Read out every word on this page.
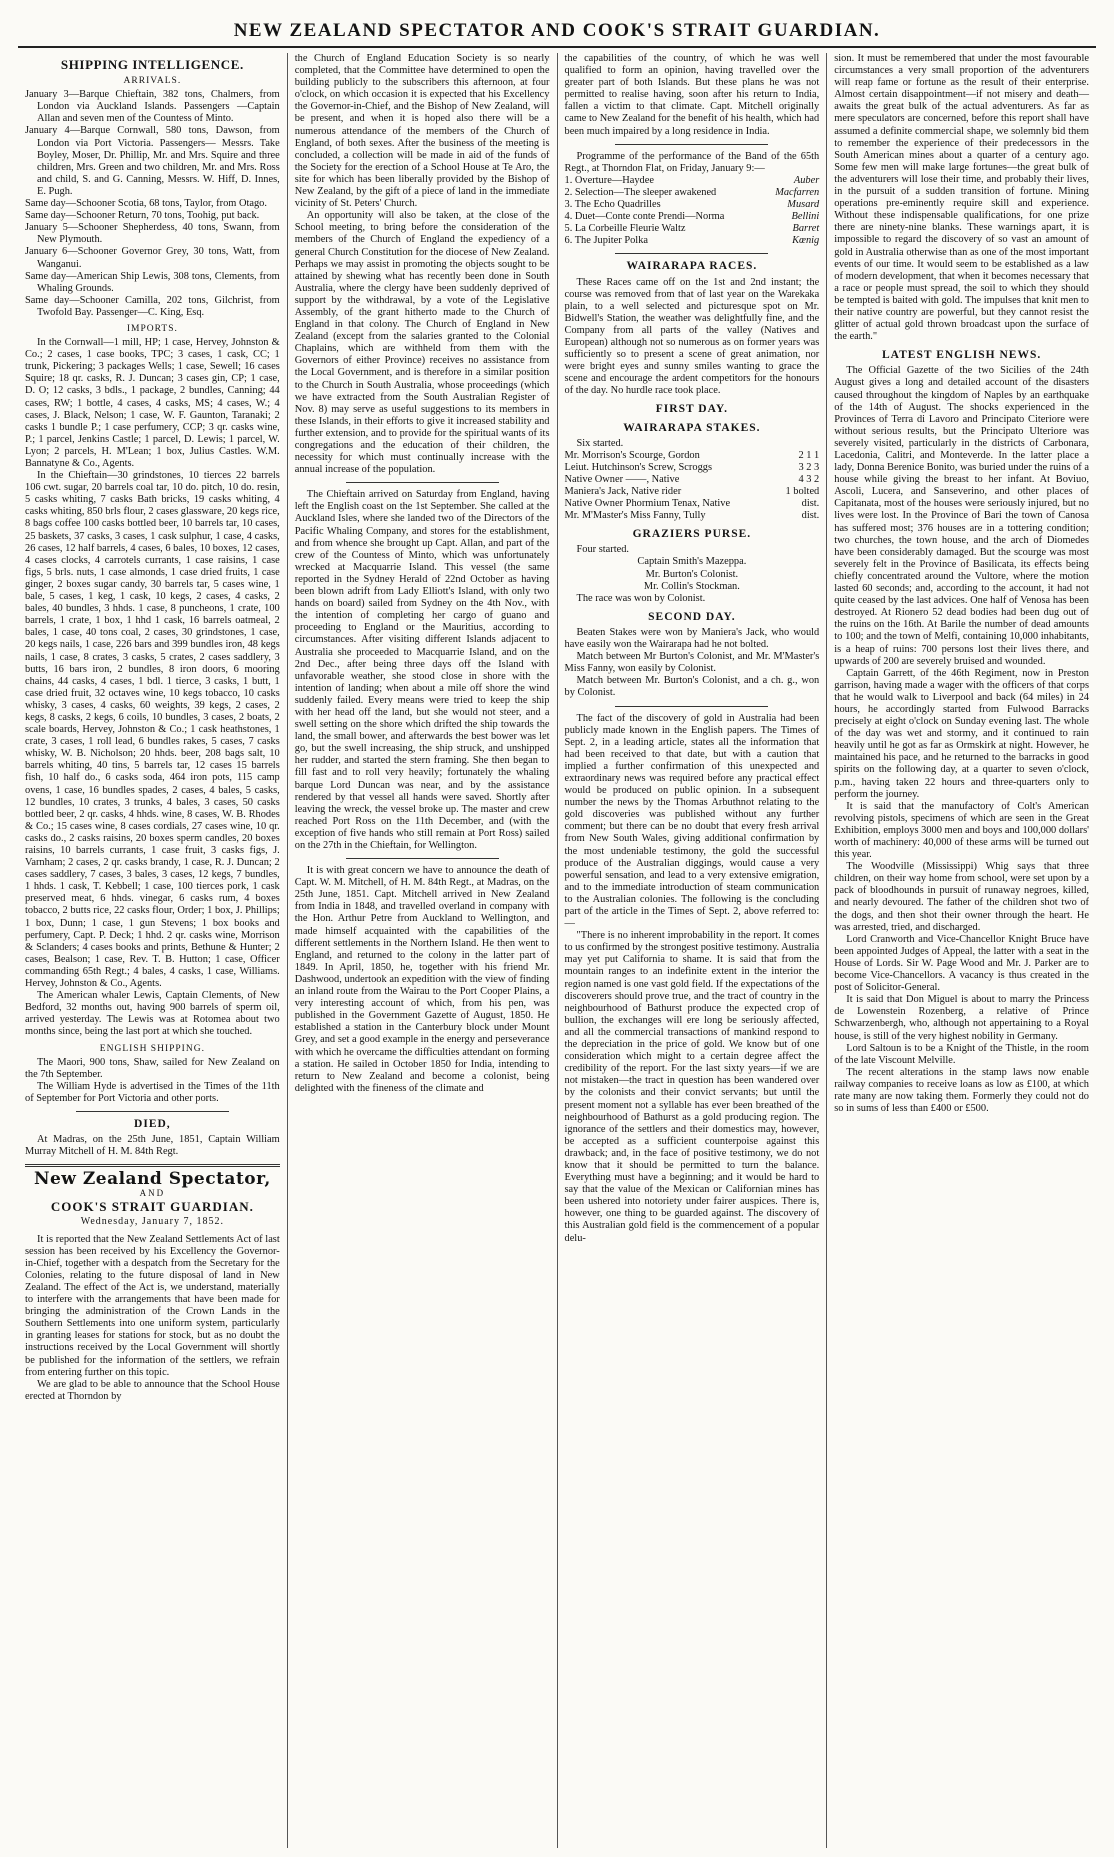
NEW ZEALAND SPECTATOR AND COOK'S STRAIT GUARDIAN.
SHIPPING INTELLIGENCE.
ARRIVALS.

January 3—Barque Chieftain, 382 tons, Chalmers, from London via Auckland Islands. Passengers —Captain Allan and seven men of the Countess of Minto.

January 4—Barque Cornwall, 580 tons, Dawson, from London via Port Victoria. Passengers— Messrs. Take Boyley, Moser, Dr. Phillip, Mr. and Mrs. Squire and three children, Mrs. Green and two children, Mr. and Mrs. Ross and child, S. and G. Canning, Messrs. W. Hiff, D. Innes, E. Pugh.

Same day—Schooner Scotia, 68 tons, Taylor, from Otago.

Same day—Schooner Return, 70 tons, Toohig, put back.

January 5—Schooner Shepherdess, 40 tons, Swann, from New Plymouth.

January 6—Schooner Governor Grey, 30 tons, Watt, from Wanganui.

Same day—American Ship Lewis, 308 tons, Clements, from Whaling Grounds.

Same day—Schooner Camilla, 202 tons, Gilchrist, from Twofold Bay. Passenger—C. King, Esq.

IMPORTS.

In the Cornwall—1 mill, HP; 1 case, Hervey, Johnston & Co.; 2 cases, 1 case books, TPC; 3 cases, 1 cask, CC; 1 trunk, Pickering; 3 packages Wells; 1 case, Sewell; 16 cases Squire; 18 qr. casks, R. J. Duncan; 3 cases gin, CP; 1 case, D. O; 12 casks, 3 bdls., 1 package, 2 bundles, Canning; 44 cases, RW; 1 bottle, 4 cases, 4 casks, MS; 4 cases, W.; 4 cases, J. Black, Nelson; 1 case, W. F. Gaunton, Taranaki; 2 casks 1 bundle P.; 1 case perfumery, CCP; 3 qr. casks wine, P.; 1 parcel, Jenkins Castle; 1 parcel, D. Lewis; 1 parcel, W. Lyon; 2 parcels, H. M'Lean; 1 box, Julius Castles. W.M. Bannatyne & Co., Agents.

In the Chieftain—30 grindstones, 10 tierces 22 barrels 106 cwt. sugar, 20 barrels coal tar, 10 do. pitch, 10 do. resin, 5 casks whiting, 7 casks Bath bricks, 19 casks whiting, 4 casks whiting, 850 brls flour, 2 cases glassware, 20 kegs rice, 8 bags coffee 100 casks bottled beer, 10 barrels tar, 10 cases, 25 baskets, 37 casks, 3 cases, 1 cask sulphur, 1 case, 4 casks, 26 cases, 12 half barrels, 4 cases, 6 bales, 10 boxes, 12 cases, 4 cases clocks, 4 carrotels currants, 1 case raisins, 1 case figs, 5 brls. nuts, 1 case almonds, 1 case dried fruits, 1 case ginger, 2 boxes sugar candy, 30 barrels tar, 5 cases wine, 1 bale, 5 cases, 1 keg, 1 cask, 10 kegs, 2 cases, 4 casks, 2 bales, 40 bundles, 3 hhds. 1 case, 8 puncheons, 1 crate, 100 barrels, 1 crate, 1 box, 1 hhd 1 cask, 16 barrels oatmeal, 2 bales, 1 case, 40 tons coal, 2 cases, 30 grindstones, 1 case, 20 kegs nails, 1 case, 226 bars and 399 bundles iron, 48 kegs nails, 1 case, 8 crates, 3 casks, 5 crates, 2 cases saddlery, 3 butts, 16 bars iron, 2 bundles, 8 iron doors, 6 mooring chains, 44 casks, 4 cases, 1 bdl. 1 tierce, 3 casks, 1 butt, 1 case dried fruit, 32 octaves wine, 10 kegs tobacco, 10 casks whisky, 3 cases, 4 casks, 60 weights, 39 kegs, 2 cases, 2 kegs, 8 casks, 2 kegs, 6 coils, 10 bundles, 3 cases, 2 boats, 2 scale boards, Hervey, Johnston & Co.; 1 cask heathstones, 1 crate, 3 cases, 1 roll lead, 6 bundles rakes, 5 cases, 7 casks whisky, W. B. Nicholson; 20 hhds. beer, 208 bags salt, 10 barrels whiting, 40 tins, 5 barrels tar, 12 cases 15 barrels fish, 10 half do., 6 casks soda, 464 iron pots, 115 camp ovens, 1 case, 16 bundles spades, 2 cases, 4 bales, 5 casks, 12 bundles, 10 crates, 3 trunks, 4 bales, 3 cases, 50 casks bottled beer, 2 qr. casks, 4 hhds. wine, 8 cases, W. B. Rhodes & Co.; 15 cases wine, 8 cases cordials, 27 cases wine, 10 qr. casks do., 2 casks raisins, 20 boxes sperm candles, 20 boxes raisins, 10 barrels currants, 1 case fruit, 3 casks figs, J. Varnham; 2 cases, 2 qr. casks brandy, 1 case, R. J. Duncan; 2 cases saddlery, 7 cases, 3 bales, 3 cases, 12 kegs, 7 bundles, 1 hhds. 1 cask, T. Kebbell; 1 case, 100 tierces pork, 1 cask preserved meat, 6 hhds. vinegar, 6 casks rum, 4 boxes tobacco, 2 butts rice, 22 casks flour, Order; 1 box, J. Phillips; 1 box, Dunn; 1 case, 1 gun Stevens; 1 box books and perfumery, Capt. P. Deck; 1 hhd. 2 qr. casks wine, Morrison & Sclanders; 4 cases books and prints, Bethune & Hunter; 2 cases, Bealson; 1 case, Rev. T. B. Hutton; 1 case, Officer commanding 65th Regt.; 4 bales, 4 casks, 1 case, Williams. Hervey, Johnston & Co., Agents.

The American whaler Lewis, Captain Clements, of New Bedford, 32 months out, having 900 barrels of sperm oil, arrived yesterday. The Lewis was at Rotomea about two months since, being the last port at which she touched.

ENGLISH SHIPPING.

The Maori, 900 tons, Shaw, sailed for New Zealand on the 7th September.

The William Hyde is advertised in the Times of the 11th of September for Port Victoria and other ports.

DIED,

At Madras, on the 25th June, 1851, Captain William Murray Mitchell of H. M. 84th Regt.

New Zealand Spectator,
AND
COOK'S STRAIT GUARDIAN.
Wednesday, January 7, 1852.

It is reported that the New Zealand Settlements Act of last session has been received by his Excellency the Governor-in-Chief, together with a despatch from the Secretary for the Colonies, relating to the future disposal of land in New Zealand. The effect of the Act is, we understand, materially to interfere with the arrangements that have been made for bringing the administration of the Crown Lands in the Southern Settlements into one uniform system, particularly in granting leases for stations for stock, but as no doubt the instructions received by the Local Government will shortly be published for the information of the settlers, we refrain from entering further on this topic.

We are glad to be able to announce that the School House erected at Thorndon by

the Church of England Education Society is so nearly completed, that the Committee have determined to open the building publicly to the subscribers this afternoon, at four o'clock, on which occasion it is expected that his Excellency the Governor-in-Chief, and the Bishop of New Zealand, will be present, and when it is hoped also there will be a numerous attendance of the members of the Church of England, of both sexes. After the business of the meeting is concluded, a collection will be made in aid of the funds of the Society for the erection of a School House at Te Aro, the site for which has been liberally provided by the Bishop of New Zealand, by the gift of a piece of land in the immediate vicinity of St. Peters' Church.

An opportunity will also be taken, at the close of the School meeting, to bring before the consideration of the members of the Church of England the expediency of a general Church Constitution for the diocese of New Zealand. Perhaps we may assist in promoting the objects sought to be attained by shewing what has recently been done in South Australia, where the clergy have been suddenly deprived of support by the withdrawal, by a vote of the Legislative Assembly, of the grant hitherto made to the Church of England in that colony. The Church of England in New Zealand (except from the salaries granted to the Colonial Chaplains, which are withheld from them with the Governors of either Province) receives no assistance from the Local Government, and is therefore in a similar position to the Church in South Australia, whose proceedings (which we have extracted from the South Australian Register of Nov. 8) may serve as useful suggestions to its members in these Islands, in their efforts to give it increased stability and further extension, and to provide for the spiritual wants of its congregations and the education of their children, the necessity for which must continually increase with the annual increase of the population.

The Chieftain arrived on Saturday from England, having left the English coast on the 1st September. She called at the Auckland Isles, where she landed two of the Directors of the Pacific Whaling Company, and stores for the establishment, and from whence she brought up Capt. Allan, and part of the crew of the Countess of Minto, which was unfortunately wrecked at Macquarrie Island. This vessel (the same reported in the Sydney Herald of 22nd October as having been blown adrift from Lady Elliott's Island, with only two hands on board) sailed from Sydney on the 4th Nov., with the intention of completing her cargo of guano and proceeding to England or the Mauritius, according to circumstances. After visiting different Islands adjacent to Australia she proceeded to Macquarrie Island, and on the 2nd Dec., after being three days off the Island with unfavorable weather, she stood close in shore with the intention of landing; when about a mile off shore the wind suddenly failed. Every means were tried to keep the ship with her head off the land, but she would not steer, and a swell setting on the shore which drifted the ship towards the land, the small bower, and afterwards the best bower was let go, but the swell increasing, the ship struck, and unshipped her rudder, and started the stern framing. She then began to fill fast and to roll very heavily; fortunately the whaling barque Lord Duncan was near, and by the assistance rendered by that vessel all hands were saved. Shortly after leaving the wreck, the vessel broke up. The master and crew reached Port Ross on the 11th December, and (with the exception of five hands who still remain at Port Ross) sailed on the 27th in the Chieftain, for Wellington.

It is with great concern we have to announce the death of Capt. W. M. Mitchell, of H. M. 84th Regt., at Madras, on the 25th June, 1851. Capt. Mitchell arrived in New Zealand from India in 1848, and travelled overland in company with the Hon. Arthur Petre from Auckland to Wellington, and made himself acquainted with the capabilities of the different settlements in the Northern Island. He then went to England, and returned to the colony in the latter part of 1849. In April, 1850, he, together with his friend Mr. Dashwood, undertook an expedition with the view of finding an inland route from the Wairau to the Port Cooper Plains, a very interesting account of which, from his pen, was published in the Government Gazette of August, 1850. He established a station in the Canterbury block under Mount Grey, and set a good example in the energy and perseverance with which he overcame the difficulties attendant on forming a station. He sailed in October 1850 for India, intending to return to New Zealand and become a colonist, being delighted with the fineness of the climate and

the capabilities of the country, of which he was well qualified to form an opinion, having travelled over the greater part of both Islands. But these plans he was not permitted to realise having, soon after his return to India, fallen a victim to that climate. Capt. Mitchell originally came to New Zealand for the benefit of his health, which had been much impaired by a long residence in India.

Programme of the performance of the Band of the 65th Regt., at Thorndon Flat, on Friday, January 9:—

1. Overture—Haydee	Auber
2. Selection—The sleeper awakened	Macfarren
3. The Echo Quadrilles	Musard
4. Duet—Conte conte Prendi—Norma	Bellini
5. La Corbeille Fleurie Waltz	Barret
6. The Jupiter Polka	Kœnig
WAIRARAPA RACES.

These Races came off on the 1st and 2nd instant; the course was removed from that of last year on the Warekaka plain, to a well selected and picturesque spot on Mr. Bidwell's Station, the weather was delightfully fine, and the Company from all parts of the valley (Natives and European) although not so numerous as on former years was sufficiently so to present a scene of great animation, nor were bright eyes and sunny smiles wanting to grace the scene and encourage the ardent competitors for the honours of the day. No hurdle race took place.

FIRST DAY.
WAIRARAPA STAKES.

Six started.

Mr. Morrison's Scourge, Gordon	2 1 1
Leiut. Hutchinson's Screw, Scroggs	3 2 3
Native Owner ——, Native	4 3 2
Maniera's Jack, Native rider	1 bolted
Native Owner Phormium Tenax, Native	dist.
Mr. M'Master's Miss Fanny, Tully	dist.
GRAZIERS PURSE.

Four started.

Captain Smith's Mazeppa.

Mr. Burton's Colonist.

Mr. Collin's Stockman.

The race was won by Colonist.

SECOND DAY.

Beaten Stakes were won by Maniera's Jack, who would have easily won the Wairarapa had he not bolted.

Match between Mr Burton's Colonist, and Mr. M'Master's Miss Fanny, won easily by Colonist.

Match between Mr. Burton's Colonist, and a ch. g., won by Colonist.

The fact of the discovery of gold in Australia had been publicly made known in the English papers. The Times of Sept. 2, in a leading article, states all the information that had been received to that date, but with a caution that implied a further confirmation of this unexpected and extraordinary news was required before any practical effect would be produced on public opinion. In a subsequent number the news by the Thomas Arbuthnot relating to the gold discoveries was published without any further comment; but there can be no doubt that every fresh arrival from New South Wales, giving additional confirmation by the most undeniable testimony, the gold the successful produce of the Australian diggings, would cause a very powerful sensation, and lead to a very extensive emigration, and to the immediate introduction of steam communication to the Australian colonies. The following is the concluding part of the article in the Times of Sept. 2, above referred to:—

"There is no inherent improbability in the report. It comes to us confirmed by the strongest positive testimony. Australia may yet put California to shame. It is said that from the mountain ranges to an indefinite extent in the interior the region named is one vast gold field. If the expectations of the discoverers should prove true, and the tract of country in the neighbourhood of Bathurst produce the expected crop of bullion, the exchanges will ere long be seriously affected, and all the commercial transactions of mankind respond to the depreciation in the price of gold. We know but of one consideration which might to a certain degree affect the credibility of the report. For the last sixty years—if we are not mistaken—the tract in question has been wandered over by the colonists and their convict servants; but until the present moment not a syllable has ever been breathed of the neighbourhood of Bathurst as a gold producing region. The ignorance of the settlers and their domestics may, however, be accepted as a sufficient counterpoise against this drawback; and, in the face of positive testimony, we do not know that it should be permitted to turn the balance. Everything must have a beginning; and it would be hard to say that the value of the Mexican or Californian mines has been ushered into notoriety under fairer auspices. There is, however, one thing to be guarded against. The discovery of this Australian gold field is the commencement of a popular delu-

sion. It must be remembered that under the most favourable circumstances a very small proportion of the adventurers will reap fame or fortune as the result of their enterprise. Almost certain disappointment—if not misery and death—awaits the great bulk of the actual adventurers. As far as mere speculators are concerned, before this report shall have assumed a definite commercial shape, we solemnly bid them to remember the experience of their predecessors in the South American mines about a quarter of a century ago. Some few men will make large fortunes—the great bulk of the adventurers will lose their time, and probably their lives, in the pursuit of a sudden transition of fortune. Mining operations pre-eminently require skill and experience. Without these indispensable qualifications, for one prize there are ninety-nine blanks. These warnings apart, it is impossible to regard the discovery of so vast an amount of gold in Australia otherwise than as one of the most important events of our time. It would seem to be established as a law of modern development, that when it becomes necessary that a race or people must spread, the soil to which they should be tempted is baited with gold. The impulses that knit men to their native country are powerful, but they cannot resist the glitter of actual gold thrown broadcast upon the surface of the earth."

LATEST ENGLISH NEWS.

The Official Gazette of the two Sicilies of the 24th August gives a long and detailed account of the disasters caused throughout the kingdom of Naples by an earthquake of the 14th of August. The shocks experienced in the Provinces of Terra di Lavoro and Principato Citeriore were without serious results, but the Principato Ulteriore was severely visited, particularly in the districts of Carbonara, Lacedonia, Calitri, and Monteverde. In the latter place a lady, Donna Berenice Bonito, was buried under the ruins of a house while giving the breast to her infant. At Boviuo, Ascoli, Lucera, and Sanseverino, and other places of Capitanata, most of the houses were seriously injured, but no lives were lost. In the Province of Bari the town of Canosa has suffered most; 376 houses are in a tottering condition; two churches, the town house, and the arch of Diomedes have been considerably damaged. But the scourge was most severely felt in the Province of Basilicata, its effects being chiefly concentrated around the Vultore, where the motion lasted 60 seconds; and, according to the account, it had not quite ceased by the last advices. One half of Venosa has been destroyed. At Rionero 52 dead bodies had been dug out of the ruins on the 16th. At Barile the number of dead amounts to 100; and the town of Melfi, containing 10,000 inhabitants, is a heap of ruins: 700 persons lost their lives there, and upwards of 200 are severely bruised and wounded.

Captain Garrett, of the 46th Regiment, now in Preston garrison, having made a wager with the officers of that corps that he would walk to Liverpool and back (64 miles) in 24 hours, he accordingly started from Fulwood Barracks precisely at eight o'clock on Sunday evening last. The whole of the day was wet and stormy, and it continued to rain heavily until he got as far as Ormskirk at night. However, he maintained his pace, and he returned to the barracks in good spirits on the following day, at a quarter to seven o'clock, p.m., having taken 22 hours and three-quarters only to perform the journey.

It is said that the manufactory of Colt's American revolving pistols, specimens of which are seen in the Great Exhibition, employs 3000 men and boys and 100,000 dollars' worth of machinery: 40,000 of these arms will be turned out this year.

The Woodville (Mississippi) Whig says that three children, on their way home from school, were set upon by a pack of bloodhounds in pursuit of runaway negroes, killed, and nearly devoured. The father of the children shot two of the dogs, and then shot their owner through the heart. He was arrested, tried, and discharged.

Lord Cranworth and Vice-Chancellor Knight Bruce have been appointed Judges of Appeal, the latter with a seat in the House of Lords. Sir W. Page Wood and Mr. J. Parker are to become Vice-Chancellors. A vacancy is thus created in the post of Solicitor-General.

It is said that Don Miguel is about to marry the Princess de Lowenstein Rozenberg, a relative of Prince Schwarzenbergh, who, although not appertaining to a Royal house, is still of the very highest nobility in Germany.

Lord Saltoun is to be a Knight of the Thistle, in the room of the late Viscount Melville.

The recent alterations in the stamp laws now enable railway companies to receive loans as low as £100, at which rate many are now taking them. Formerly they could not do so in sums of less than £400 or £500.
